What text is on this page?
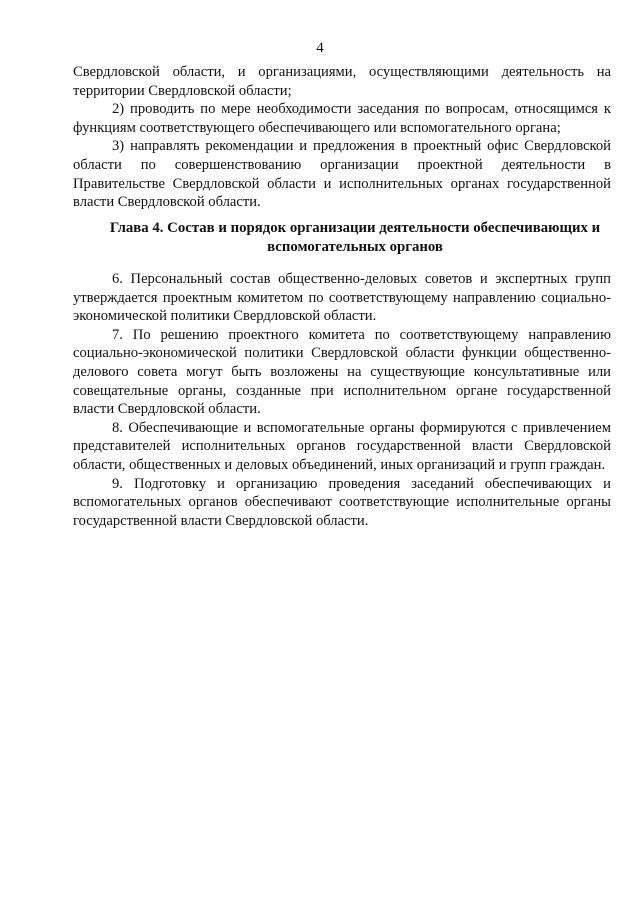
4

Свердловской области, и организациями, осуществляющими деятельность на территории Свердловской области;

2) проводить по мере необходимости заседания по вопросам, относящимся к функциям соответствующего обеспечивающего или вспомогательного органа;

3) направлять рекомендации и предложения в проектный офис Свердловской области по совершенствованию организации проектной деятельности в Правительстве Свердловской области и исполнительных органах государственной власти Свердловской области.

Глава 4. Состав и порядок организации деятельности обеспечивающих и вспомогательных органов

6. Персональный состав общественно-деловых советов и экспертных групп утверждается проектным комитетом по соответствующему направлению социально-экономической политики Свердловской области.

7. По решению проектного комитета по соответствующему направлению социально-экономической политики Свердловской области функции общественно-делового совета могут быть возложены на существующие консультативные или совещательные органы, созданные при исполнительном органе государственной власти Свердловской области.

8. Обеспечивающие и вспомогательные органы формируются с привлечением представителей исполнительных органов государственной власти Свердловской области, общественных и деловых объединений, иных организаций и групп граждан.

9. Подготовку и организацию проведения заседаний обеспечивающих и вспомогательных органов обеспечивают соответствующие исполнительные органы государственной власти Свердловской области.
